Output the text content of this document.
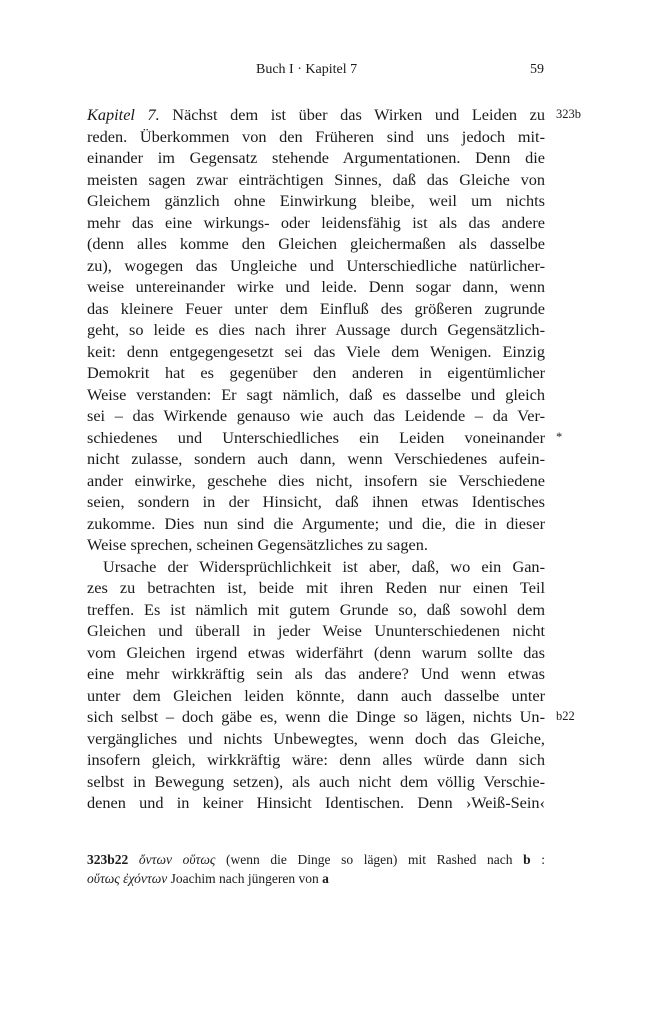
Buch I · Kapitel 7	59
Kapitel 7. Nächst dem ist über das Wirken und Leiden zu
reden. Überkommen von den Früheren sind uns jedoch mit-
einander im Gegensatz stehende Argumentationen. Denn die
meisten sagen zwar einträchtigen Sinnes, daß das Gleiche von
Gleichem gänzlich ohne Einwirkung bleibe, weil um nichts
mehr das eine wirkungs- oder leidensfähig ist als das andere
(denn alles komme den Gleichen gleichermaßen als dasselbe
zu), wogegen das Ungleiche und Unterschiedliche natürlicher-
weise untereinander wirke und leide. Denn sogar dann, wenn
das kleinere Feuer unter dem Einfluß des größeren zugrunde
geht, so leide es dies nach ihrer Aussage durch Gegensätzlich-
keit: denn entgegengesetzt sei das Viele dem Wenigen. Einzig
Demokrit hat es gegenüber den anderen in eigentümlicher
Weise verstanden: Er sagt nämlich, daß es dasselbe und gleich
sei – das Wirkende genauso wie auch das Leidende – da Ver-
schiedenes und Unterschiedliches ein Leiden voneinander
nicht zulasse, sondern auch dann, wenn Verschiedenes aufein-
ander einwirke, geschehe dies nicht, insofern sie Verschiedene
seien, sondern in der Hinsicht, daß ihnen etwas Identisches
zukomme. Dies nun sind die Argumente; und die, die in dieser
Weise sprechen, scheinen Gegensätzliches zu sagen.
Ursache der Widersprüchlichkeit ist aber, daß, wo ein Gan-
zes zu betrachten ist, beide mit ihren Reden nur einen Teil
treffen. Es ist nämlich mit gutem Grunde so, daß sowohl dem
Gleichen und überall in jeder Weise Ununterschiedenen nicht
vom Gleichen irgend etwas widerfährt (denn warum sollte das
eine mehr wirkkräftig sein als das andere? Und wenn etwas
unter dem Gleichen leiden könnte, dann auch dasselbe unter
sich selbst – doch gäbe es, wenn die Dinge so lägen, nichts Un-
vergängliches und nichts Unbewegtes, wenn doch das Gleiche,
insofern gleich, wirkkräftig wäre: denn alles würde dann sich
selbst in Bewegung setzen), als auch nicht dem völlig Verschie-
denen und in keiner Hinsicht Identischen. Denn ›Weiß-Sein‹
323b
*
b22
323b22 ὄντων οὕτως (wenn die Dinge so lägen) mit Rashed nach b :
οὕτως ἐχόντων Joachim nach jüngeren von a
